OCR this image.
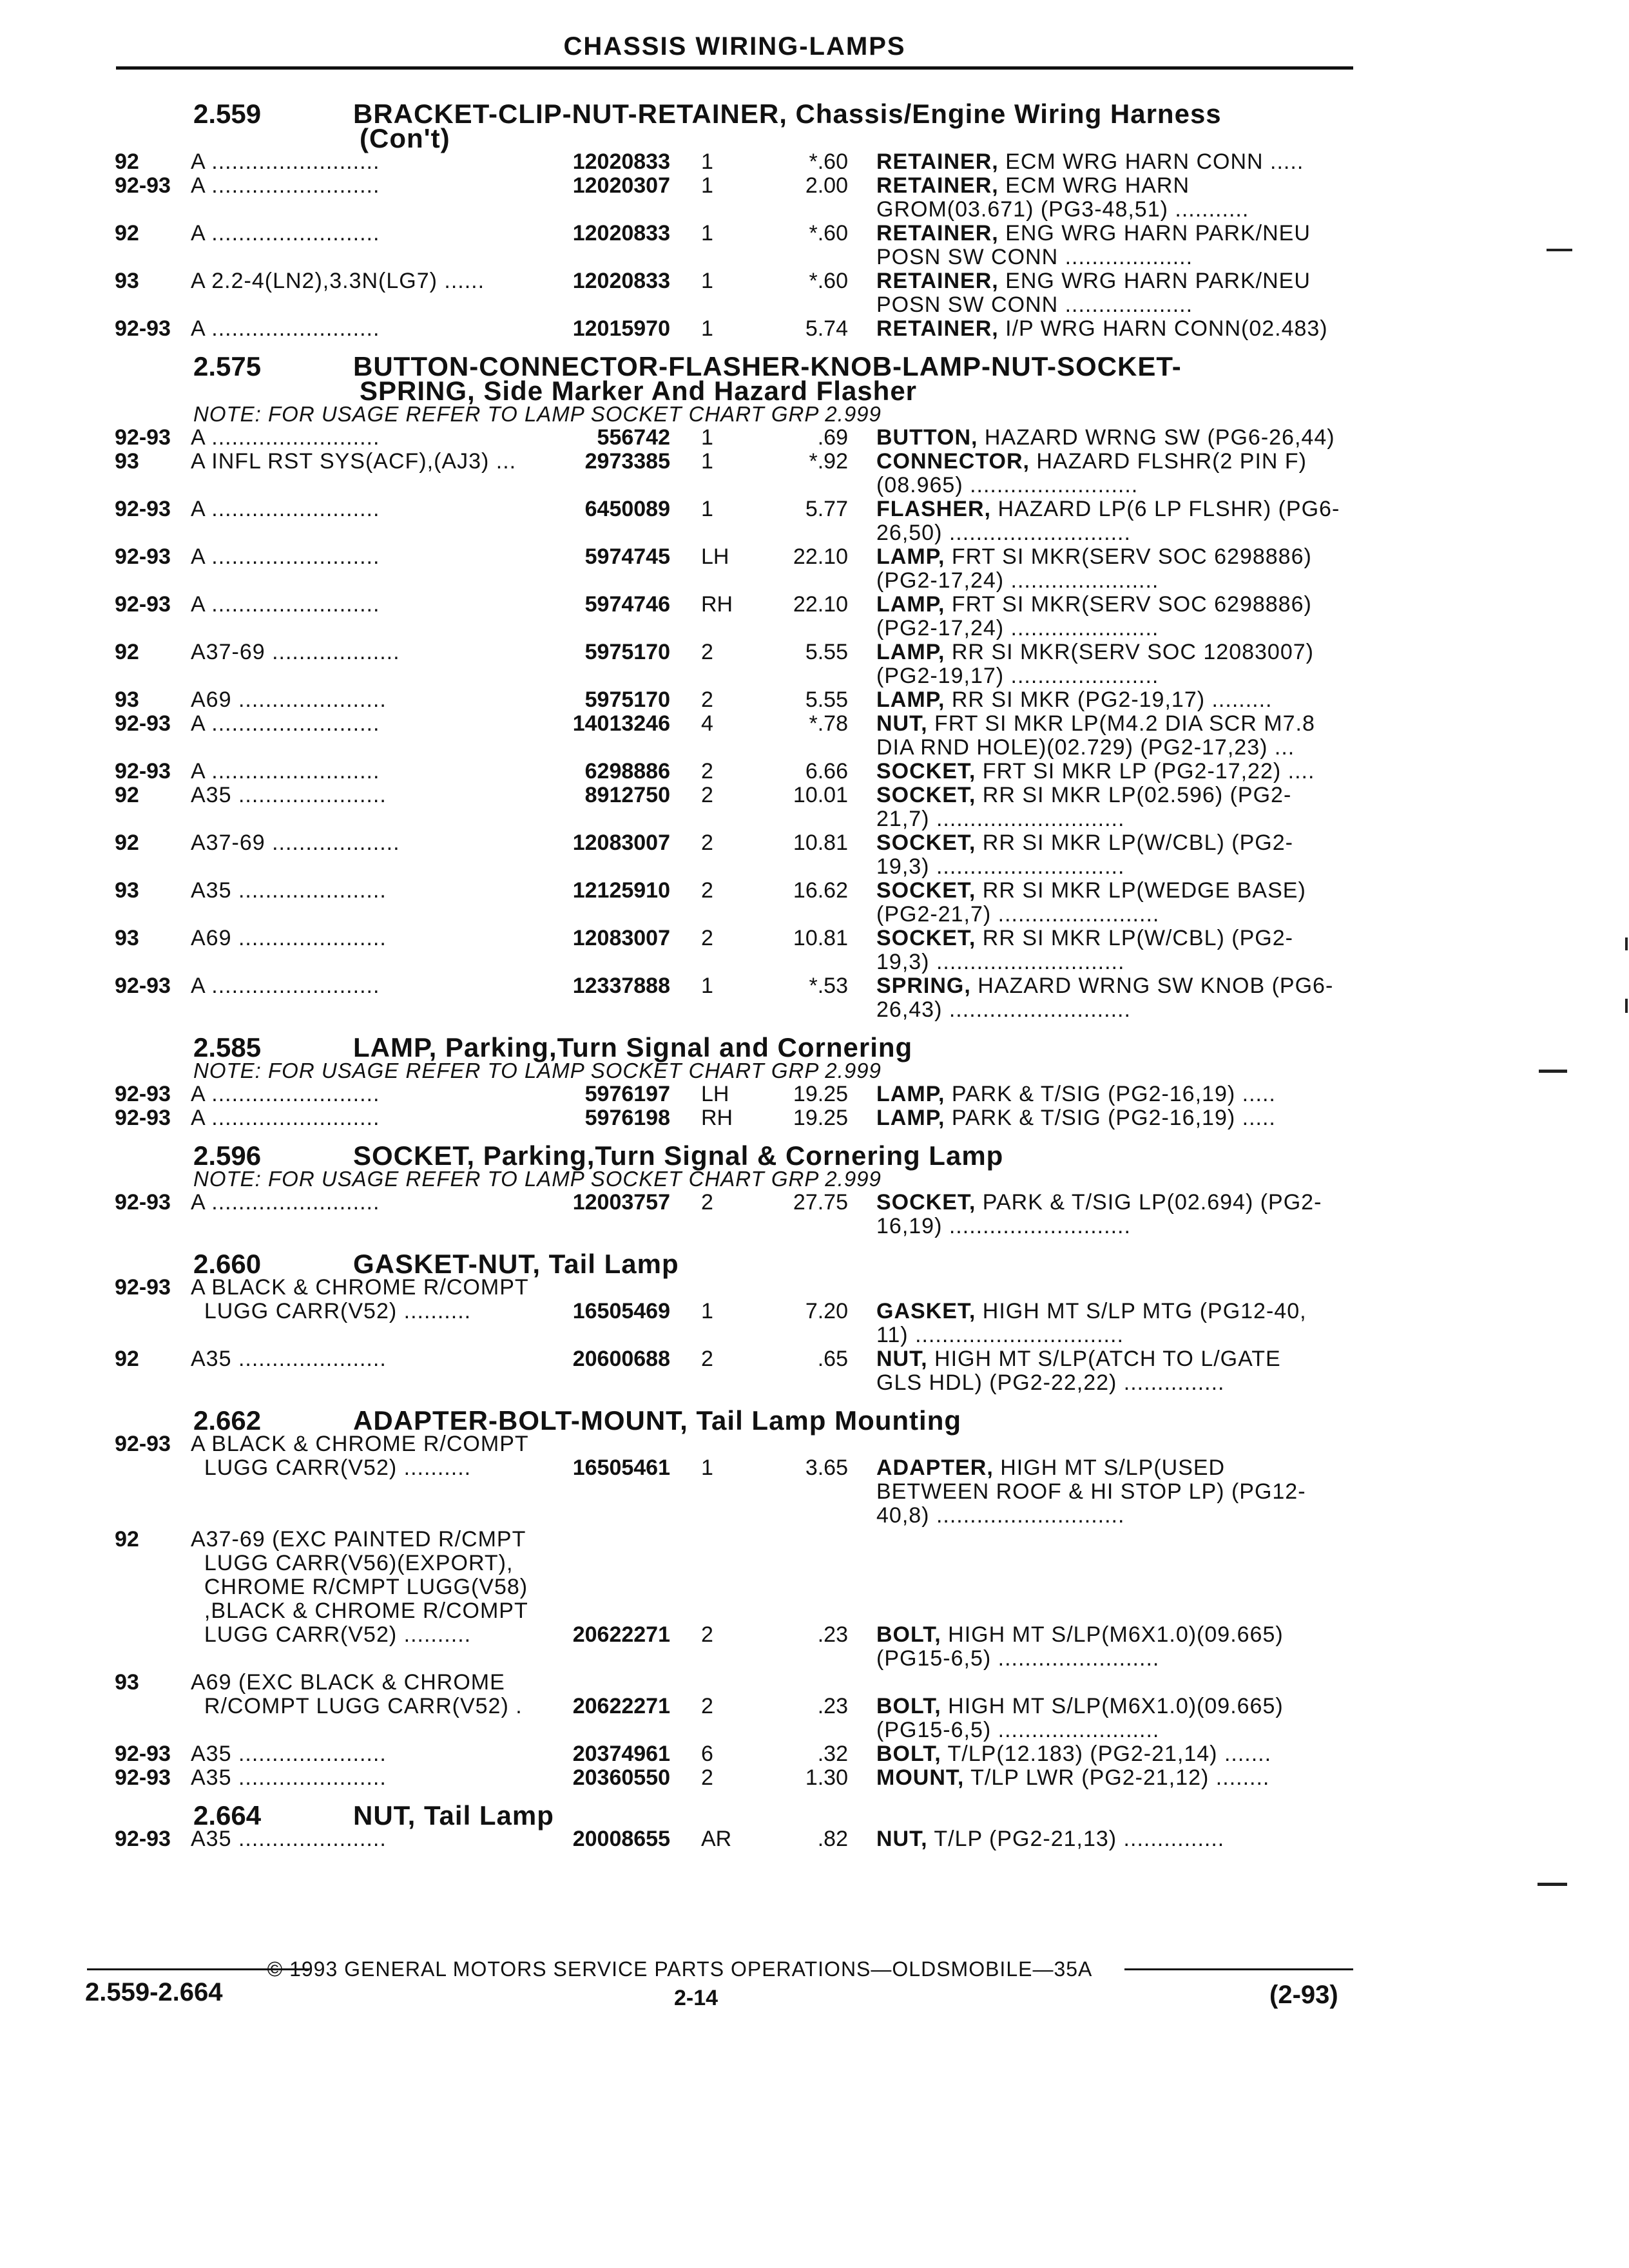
CHASSIS WIRING-LAMPS
2.559	BRACKET-CLIP-NUT-RETAINER, Chassis/Engine Wiring Harness
(Con't)
92 A .........................	12020833 1	*.60 RETAINER, ECM WRG HARN CONN .....
92-93 A .........................	12020307 1	2.00 RETAINER, ECM WRG HARN
GROM(03.671) (PG3-48,51) ...........
92 A .........................	12020833 1	*.60 RETAINER, ENG WRG HARN PARK/NEU
POSN SW CONN ...................
93 A 2.2-4(LN2),3.3N(LG7) ......	12020833 1	*.60 RETAINER, ENG WRG HARN PARK/NEU
POSN SW CONN ...................
92-93 A .........................	12015970 1	5.74 RETAINER, I/P WRG HARN CONN(02.483)
2.575	BUTTON-CONNECTOR-FLASHER-KNOB-LAMP-NUT-SOCKET-
SPRING, Side Marker And Hazard Flasher
NOTE: FOR USAGE REFER TO LAMP SOCKET CHART GRP 2.999
92-93 A .........................	556742 1	.69 BUTTON, HAZARD WRNG SW (PG6-26,44)
93 A INFL RST SYS(ACF),(AJ3) ...	2973385 1	*.92 CONNECTOR, HAZARD FLSHR(2 PIN F)
(08.965) .........................
92-93 A .........................	6450089 1	5.77 FLASHER, HAZARD LP(6 LP FLSHR) (PG6-
26,50) ...........................
92-93 A .........................	5974745 LH	22.10 LAMP, FRT SI MKR(SERV SOC 6298886)
(PG2-17,24) ......................
92-93 A .........................	5974746 RH	22.10 LAMP, FRT SI MKR(SERV SOC 6298886)
(PG2-17,24) ......................
92 A37-69 ...................	5975170 2	5.55 LAMP, RR SI MKR(SERV SOC 12083007)
(PG2-19,17) ......................
93 A69 ......................	5975170 2	5.55 LAMP, RR SI MKR (PG2-19,17) .........
92-93 A .........................	14013246 4	*.78 NUT, FRT SI MKR LP(M4.2 DIA SCR M7.8
DIA RND HOLE)(02.729) (PG2-17,23) ...
92-93 A .........................	6298886 2	6.66 SOCKET, FRT SI MKR LP (PG2-17,22) ....
92 A35 ......................	8912750 2	10.01 SOCKET, RR SI MKR LP(02.596) (PG2-
21,7) ............................
92 A37-69 ...................	12083007 2	10.81 SOCKET, RR SI MKR LP(W/CBL) (PG2-
19,3) ............................
93 A35 ......................	12125910 2	16.62 SOCKET, RR SI MKR LP(WEDGE BASE)
(PG2-21,7) ........................
93 A69 ......................	12083007 2	10.81 SOCKET, RR SI MKR LP(W/CBL) (PG2-
19,3) ............................
92-93 A .........................	12337888 1	*.53 SPRING, HAZARD WRNG SW KNOB (PG6-
26,43) ...........................
2.585	LAMP, Parking,Turn Signal and Cornering
NOTE: FOR USAGE REFER TO LAMP SOCKET CHART GRP 2.999
92-93 A .........................	5976197 LH	19.25 LAMP, PARK & T/SIG (PG2-16,19) .....
92-93 A .........................	5976198 RH	19.25 LAMP, PARK & T/SIG (PG2-16,19) .....
2.596	SOCKET, Parking,Turn Signal & Cornering Lamp
NOTE: FOR USAGE REFER TO LAMP SOCKET CHART GRP 2.999
92-93 A .........................	12003757 2	27.75 SOCKET, PARK & T/SIG LP(02.694) (PG2-
16,19) ...........................
2.660	GASKET-NUT, Tail Lamp
92-93 A BLACK & CHROME R/COMPT
LUGG CARR(V52) ..........	16505469 1	7.20 GASKET, HIGH MT S/LP MTG (PG12-40,
11) ...............................
92 A35 ......................	20600688 2	.65 NUT, HIGH MT S/LP(ATCH TO L/GATE
GLS HDL) (PG2-22,22) ...............
2.662	ADAPTER-BOLT-MOUNT, Tail Lamp Mounting
92-93 A BLACK & CHROME R/COMPT
LUGG CARR(V52) ..........	16505461 1	3.65 ADAPTER, HIGH MT S/LP(USED
BETWEEN ROOF & HI STOP LP) (PG12-
40,8) ............................
92 A37-69 (EXC PAINTED R/CMPT
LUGG CARR(V56)(EXPORT),
CHROME R/CMPT LUGG(V58)
,BLACK & CHROME R/COMPT
LUGG CARR(V52) ..........	20622271 2	.23 BOLT, HIGH MT S/LP(M6X1.0)(09.665)
(PG15-6,5) ........................
93 A69 (EXC BLACK & CHROME
R/COMPT LUGG CARR(V52) .	20622271 2	.23 BOLT, HIGH MT S/LP(M6X1.0)(09.665)
(PG15-6,5) ........................
92-93 A35 ......................	20374961 6	.32 BOLT, T/LP(12.183) (PG2-21,14) .......
92-93 A35 ......................	20360550 2	1.30 MOUNT, T/LP LWR (PG2-21,12) ........
2.664	NUT, Tail Lamp
92-93 A35 ......................	20008655 AR	.82 NUT, T/LP (PG2-21,13) ...............
© 1993 GENERAL MOTORS SERVICE PARTS OPERATIONS—OLDSMOBILE—35A
2.559-2.664	2-14	(2-93)
